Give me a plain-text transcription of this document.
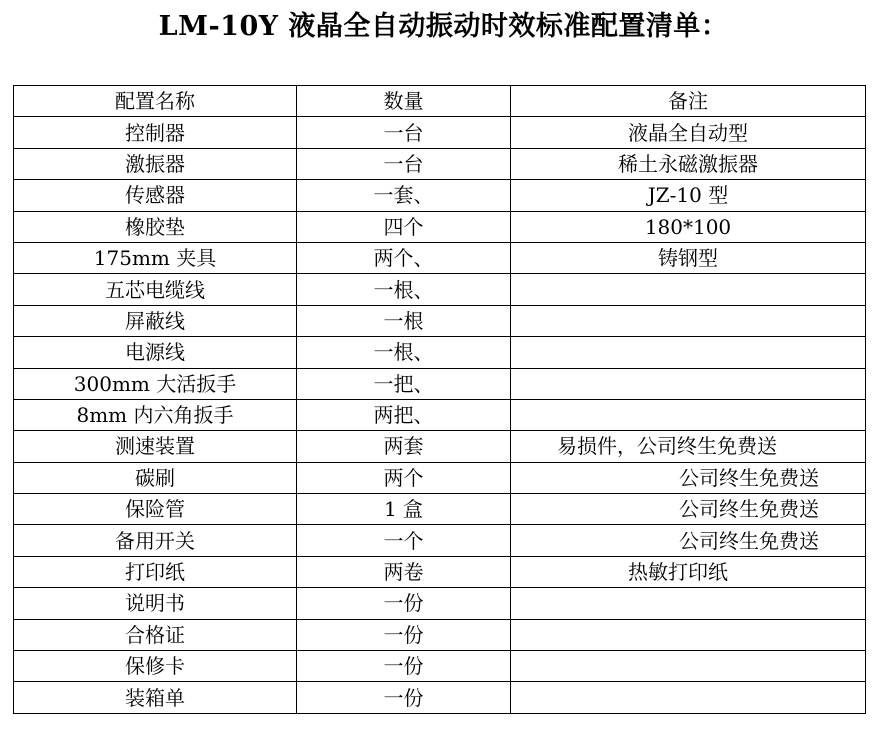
LM-10Y 液晶全自动振动时效标准配置清单：
配置名称	数量	备注
控制器	一台	液晶全自动型
激振器	一台	稀土永磁激振器
传感器	一套、	JZ-10 型
橡胶垫	四个	180*100
175mm 夹具	两个、	铸钢型
五芯电缆线	一根、	
屏蔽线	一根	
电源线	一根、	
300mm 大活扳手	一把、	
8mm 内六角扳手	两把、	
测速装置	两套	易损件，公司终生免费送
碳刷	两个	公司终生免费送
保险管	1 盒	公司终生免费送
备用开关	一个	公司终生免费送
打印纸	两卷	热敏打印纸
说明书	一份	
合格证	一份	
保修卡	一份	
装箱单	一份	
